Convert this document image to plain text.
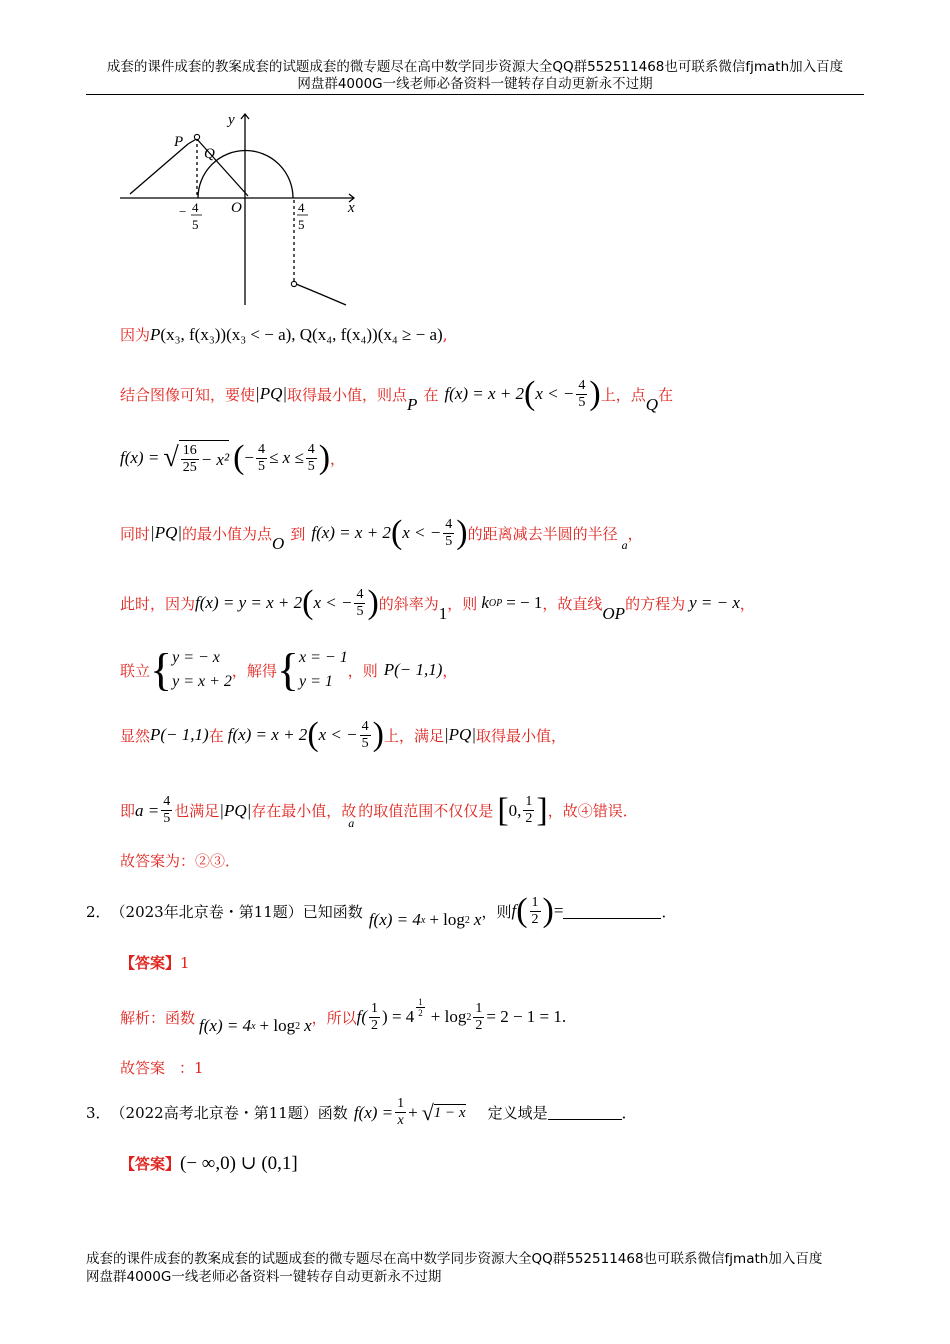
成套的课件成套的教案成套的试题成套的微专题尽在高中数学同步资源大全QQ群552511468也可联系微信fjmath加入百度
网盘群4000G一线老师必备资料一键转存自动更新永不过期
y
x
O
P
Q
− 4
5
4
5
因为 P (x₃, f(x₃))(x₃ < − a), Q(x₄, f(x₄))(x₄ ≥ − a) ,
结合图像可知，要使 |PQ| 取得最小值，则点
P
在 f(x) = x + 2 ( x < − $\frac{4}{5}$ ) 上，点
Q
在
f(x) = √ $\frac{16}{25} - x^2$ ( − $\frac{4}{5} \le x \le \frac{4}{5}$ ) ，
同时 |PQ| 的最小值为点
O
到 f(x) = x + 2 ( x < − $\frac{4}{5}$ ) 的距离减去半圆的半径
a
，
此时，因为 f(x) = y = x + 2 ( x < − $\frac{4}{5}$ ) 的斜率为
1
，则 k OP = − 1 ，故直线
OP
的方程为 y = − x ，
联立 { y = − x
y = x + 2
，解得 { x = − 1
y = 1
，则 P(− 1,1) ，
显然 P(− 1,1) 在 f(x) = x + 2 ( x < − $\frac{4}{5}$ ) 上，满足 |PQ| 取得最小值，
即 $a = \frac{4}{5}$ 也满足 |PQ| 存在最小值，故
a
的取值范围不仅仅是 [ 0, $\frac{1}{2}$ ] ，故④错误．
故答案为：②③．
2． （2023年北京卷・第11题）已知函数 f(x) = 4 x + log 2 x ，则 f ( $\frac{1}{2}$ ) =	．
【答案】 1
解析：函数 f(x) = 4 x + log 2 x ，所以 $f( \frac{1}{2}$ ) = $4 \frac{1}{2} + \log 2 \frac{1}{2} = 2 - 1 = 1$.
故答案 ：1
3． （2022高考北京卷・第11题）函数 $f(x) = \frac{1}{x}$ + √ 1 − x 定义域是	．
【答案】 (− ∞,0) ∪ (0,1]
成套的课件成套的教案成套的试题成套的微专题尽在高中数学同步资源大全QQ群552511468也可联系微信fjmath加入百度
网盘群4000G一线老师必备资料一键转存自动更新永不过期
